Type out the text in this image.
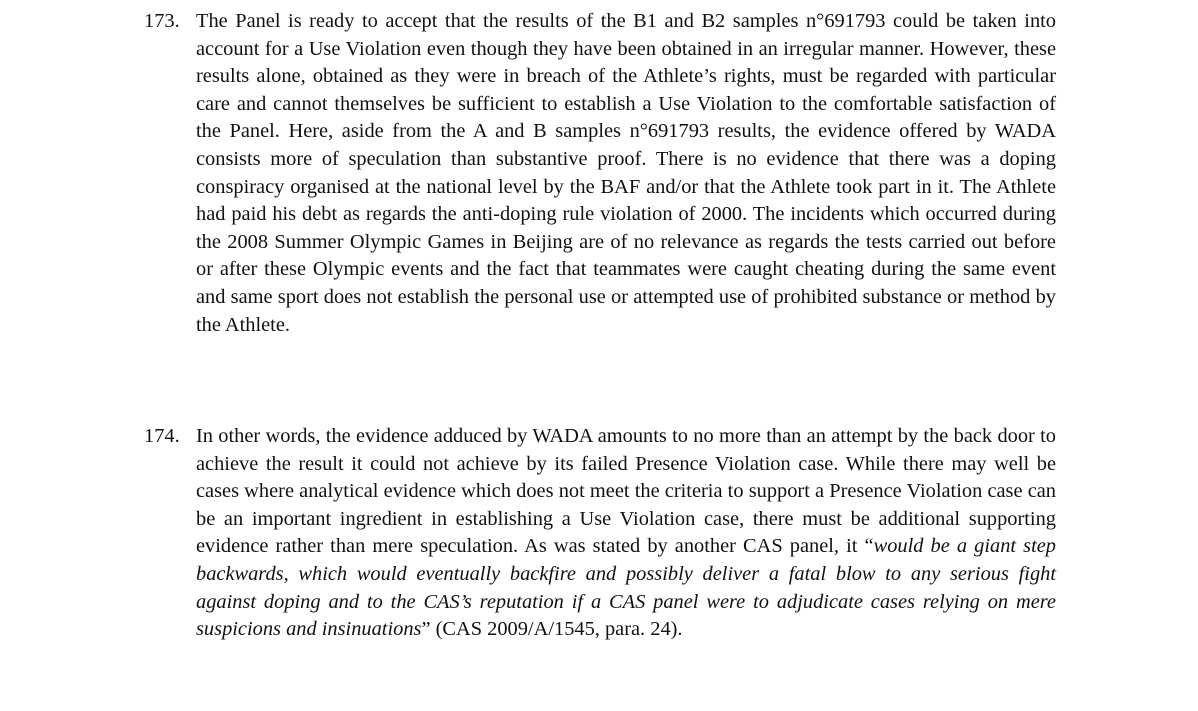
173. The Panel is ready to accept that the results of the B1 and B2 samples n°691793 could be taken into account for a Use Violation even though they have been obtained in an irregular manner. However, these results alone, obtained as they were in breach of the Athlete’s rights, must be regarded with particular care and cannot themselves be sufficient to establish a Use Violation to the comfortable satisfaction of the Panel. Here, aside from the A and B samples n°691793 results, the evidence offered by WADA consists more of speculation than substantive proof. There is no evidence that there was a doping conspiracy organised at the national level by the BAF and/or that the Athlete took part in it. The Athlete had paid his debt as regards the anti-doping rule violation of 2000. The incidents which occurred during the 2008 Summer Olympic Games in Beijing are of no relevance as regards the tests carried out before or after these Olympic events and the fact that teammates were caught cheating during the same event and same sport does not establish the personal use or attempted use of prohibited substance or method by the Athlete.
174. In other words, the evidence adduced by WADA amounts to no more than an attempt by the back door to achieve the result it could not achieve by its failed Presence Violation case. While there may well be cases where analytical evidence which does not meet the criteria to support a Presence Violation case can be an important ingredient in establishing a Use Violation case, there must be additional supporting evidence rather than mere speculation. As was stated by another CAS panel, it “would be a giant step backwards, which would eventually backfire and possibly deliver a fatal blow to any serious fight against doping and to the CAS’s reputation if a CAS panel were to adjudicate cases relying on mere suspicions and insinuations” (CAS 2009/A/1545, para. 24).
